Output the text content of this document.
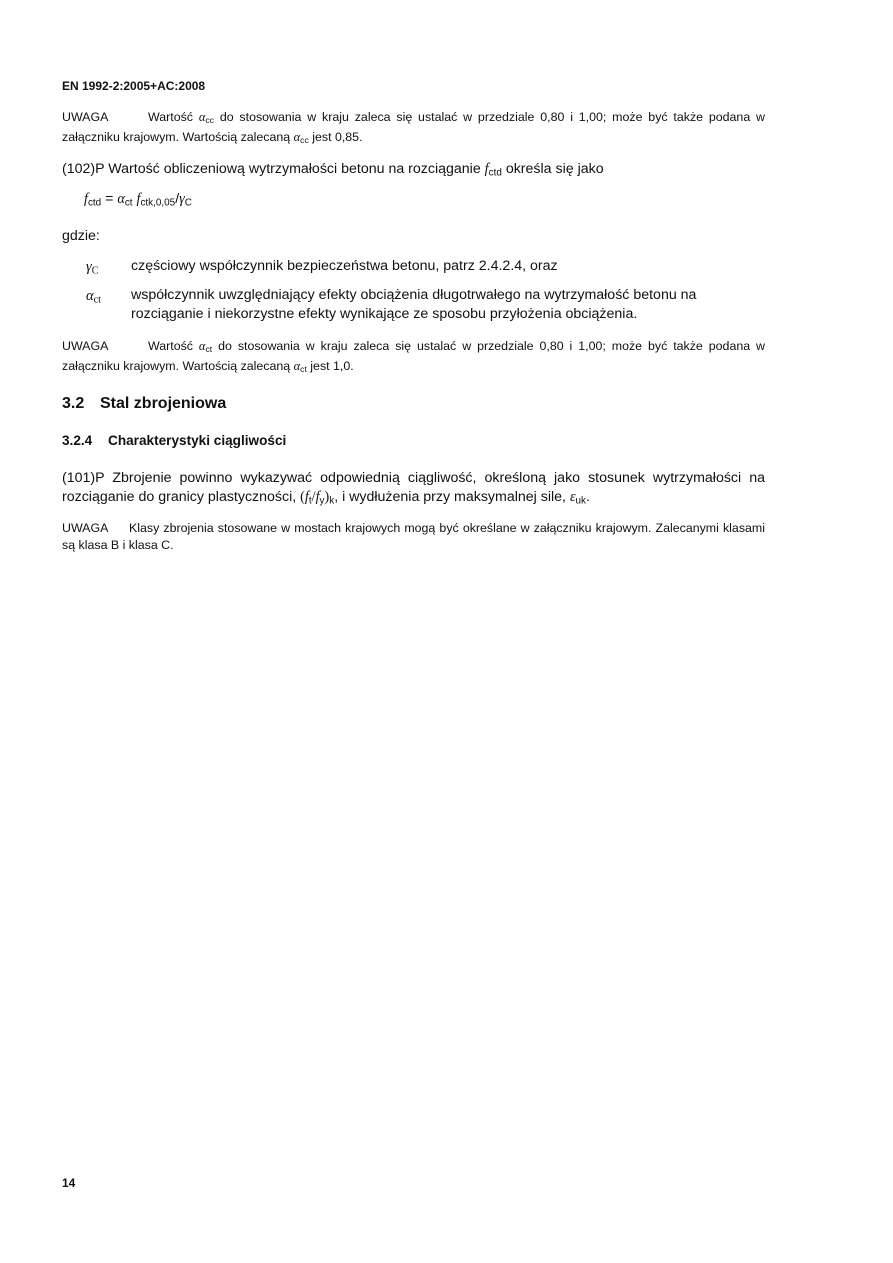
EN 1992-2:2005+AC:2008
UWAGA	Wartość $\alpha_{cc}$ do stosowania w kraju zaleca się ustalać w przedziale 0,80 i 1,00; może być także podana w załączniku krajowym. Wartością zalecaną $\alpha_{cc}$ jest 0,85.
(102)P Wartość obliczeniową wytrzymałości betonu na rozciąganie $f_{ctd}$ określa się jako
$f_{ctd} = \alpha_{ct}$ $f_{ctk,0,05}/\gamma_C$
gdzie:
$\gamma_C$ częściowy współczynnik bezpieczeństwa betonu, patrz 2.4.2.4, oraz
$\alpha_{ct}$ współczynnik uwzględniający efekty obciążenia długotrwałego na wytrzymałość betonu na rozciąganie i niekorzystne efekty wynikające ze sposobu przyłożenia obciążenia.
UWAGA	Wartość $\alpha_{ct}$ do stosowania w kraju zaleca się ustalać w przedziale 0,80 i 1,00; może być także podana w załączniku krajowym. Wartością zalecaną $\alpha_{ct}$ jest 1,0.
3.2 Stal zbrojeniowa
3.2.4 Charakterystyki ciągliwości
(101)P Zbrojenie powinno wykazywać odpowiednią ciągliwość, określoną jako stosunek wytrzymałości na rozciąganie do granicy plastyczności, $(f_t/f_y)_k$, i wydłużenia przy maksymalnej sile, $\varepsilon_{uk}$.
UWAGA Klasy zbrojenia stosowane w mostach krajowych mogą być określane w załączniku krajowym. Zalecanymi klasami są klasa B i klasa C.
14
